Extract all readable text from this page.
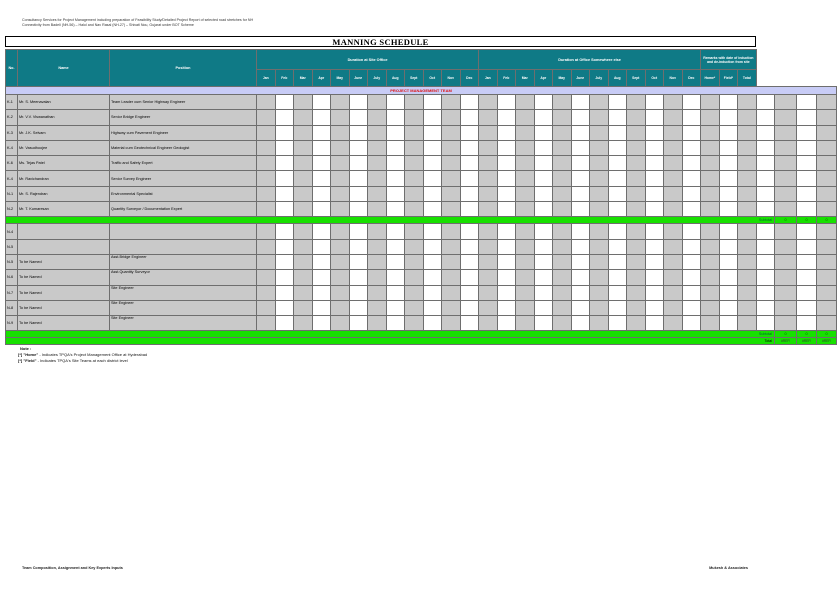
Consultancy Services for Project Management including preparation of Feasibility Study/Detailed Project Report of selected road stretches for NH
Connectivity from Badeli (NH-56) – Halol and Nav Rasal (NH-27) – Shivati Nou, Gujarat under BOT Scheme
MANNING SCHEDULE
No.	Name	Position	Duration at Site Office												Duration at Office Somewhere else												Remarks with date of induction and de-induction from site						
			Jan	Feb	Mar	Apr	May	June	July	Aug	Sept	Oct	Nov	Dec	Jan	Feb	Mar	Apr	May	June	July	Aug	Sept	Oct	Nov	Dec	Home*	Field*	Total				
PROJECT MANAGEMENT TEAM																																	
K-1	Mr. S. Meenavalan	Team Leader cum Senior Highway Engineer																															
K-2	Mr. V.V. Viswanathan	Senior Bridge Engineer																															
K-3	Mr. J.K. Selvam	Highway cum Pavement Engineer																															
K-4	Mr. Vasudhoojee	Material cum Geotechnical Engineer Geologist																															
K-6	Ms. Tejas Patel	Traffic and Safety Expert																															
K-4	Mr. Ravichandran	Senior Survey Engineer																															
N-1	Mr. S. Rajendran	Environmental Specialist																															
N-2	Mr. T. Kumaresan	Quantity Surveyor / Documentation Expert																															
Subtotal																															0	0	0
N-4																																	
N-5																																	
N-5	To be Named	Asst.Bridge Engineer																															
N-6	To be Named	Asst.Quantity Surveyor																															
N-7	To be Named	Site Engineer																															
N-8	To be Named	Site Engineer																															
N-9	To be Named	Site Engineer																															
Subtotal																															0	0	0
Total																															#REF!	#REF!	#REF!
Note :
[*] "Home" - Indicates TPQA's Project Management Office at Hyderabad
[*] "Field" - Indicates TPQA's Site Teams at each district level
Team Composition, Assignment and Key Experts Inputs	Mukesh & Associates
